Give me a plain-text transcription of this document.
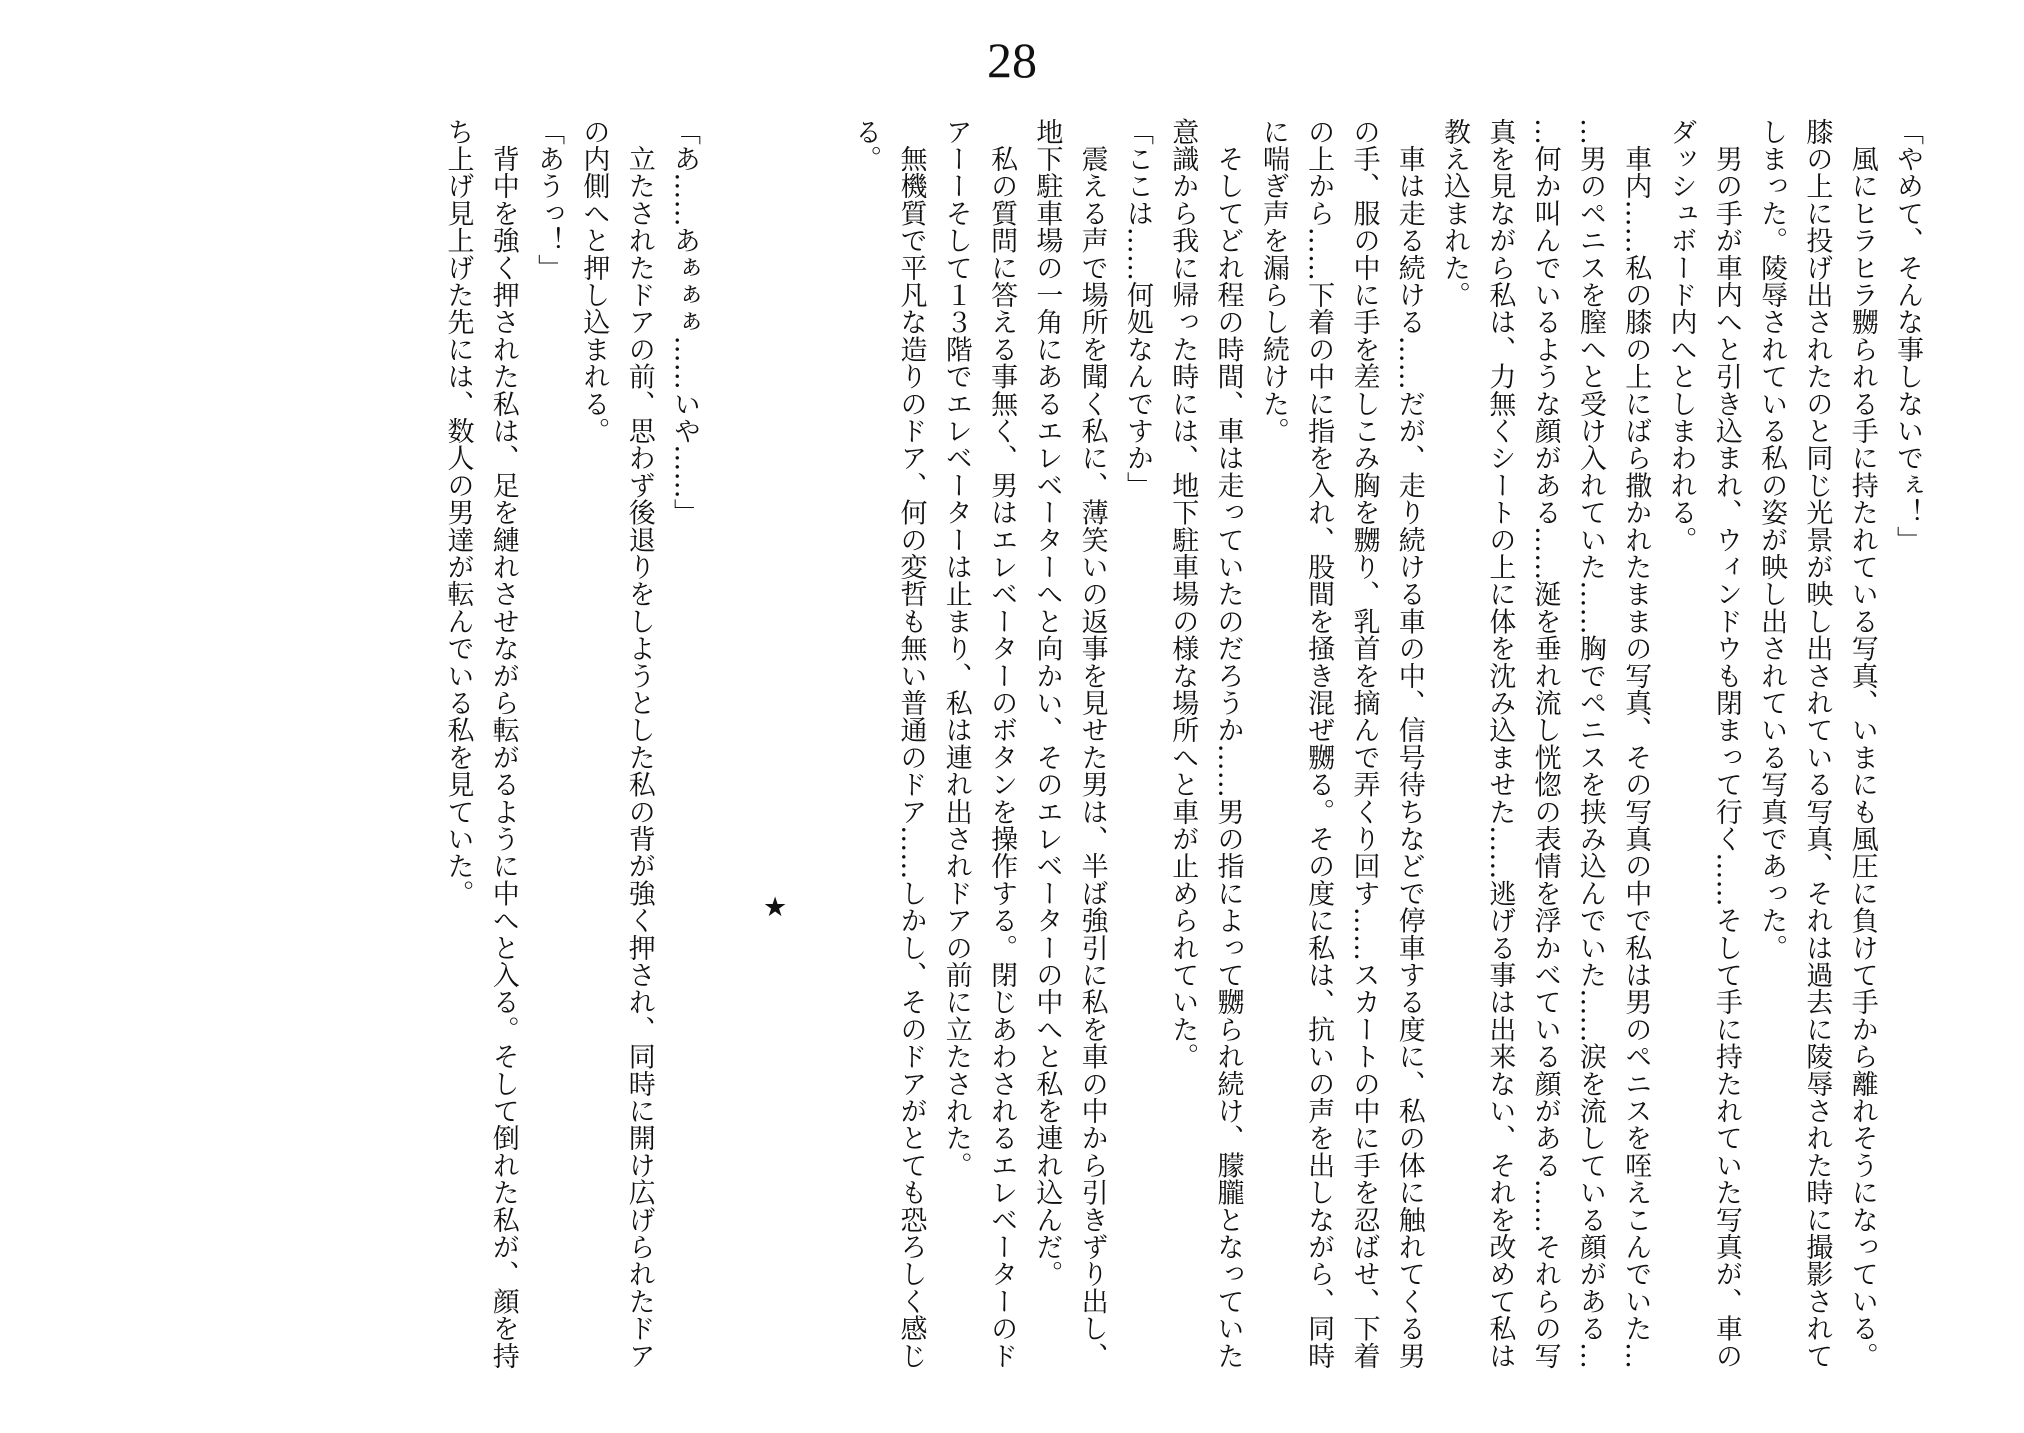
28

「やめて、そんな事しないでぇ！」

　風にヒラヒラ嬲られる手に持たれている写真、いまにも風圧に負けて手から離れそうになっている。
膝の上に投げ出されたのと同じ光景が映し出されている写真、それは過去に陵辱された時に撮影されて
しまった。陵辱されている私の姿が映し出されている写真であった。

　男の手が車内へと引き込まれ、ウィンドウも閉まって行く……そして手に持たれていた写真が、車の
ダッシュボード内へとしまわれる。

　車内……私の膝の上にばら撒かれたままの写真、その写真の中で私は男のペニスを咥えこんでいた…
…男のペニスを膣へと受け入れていた……胸でペニスを挟み込んでいた……涙を流している顔がある…
…何か叫んでいるような顔がある……涎を垂れ流し恍惚の表情を浮かべている顔がある……それらの写
真を見ながら私は、力無くシートの上に体を沈み込ませた……逃げる事は出来ない、それを改めて私は
教え込まれた。

　車は走る続ける……だが、走り続ける車の中、信号待ちなどで停車する度に、私の体に触れてくる男
の手、服の中に手を差しこみ胸を嬲り、乳首を摘んで弄くり回す……スカートの中に手を忍ばせ、下着
の上から……下着の中に指を入れ、股間を掻き混ぜ嬲る。その度に私は、抗いの声を出しながら、同時
に喘ぎ声を漏らし続けた。

　そしてどれ程の時間、車は走っていたのだろうか……男の指によって嬲られ続け、朦朧となっていた
意識から我に帰った時には、地下駐車場の様な場所へと車が止められていた。

「ここは……何処なんですか」

　震える声で場所を聞く私に、薄笑いの返事を見せた男は、半ば強引に私を車の中から引きずり出し、
地下駐車場の一角にあるエレベーターへと向かい、そのエレベーターの中へと私を連れ込んだ。

　私の質問に答える事無く、男はエレベーターのボタンを操作する。閉じあわされるエレベーターのド
アーーそして１３階でエレベーターは止まり、私は連れ出されドアの前に立たされた。

　無機質で平凡な造りのドア、何の変哲も無い普通のドア……しかし、そのドアがとても恐ろしく感じ
る。

★

「あ……あぁぁぁ……いや……」

　立たされたドアの前、思わず後退りをしようとした私の背が強く押され、同時に開け広げられたドア
の内側へと押し込まれる。

「あうっ！」

　背中を強く押された私は、足を縺れさせながら転がるように中へと入る。そして倒れた私が、顔を持
ち上げ見上げた先には、数人の男達が転んでいる私を見ていた。
